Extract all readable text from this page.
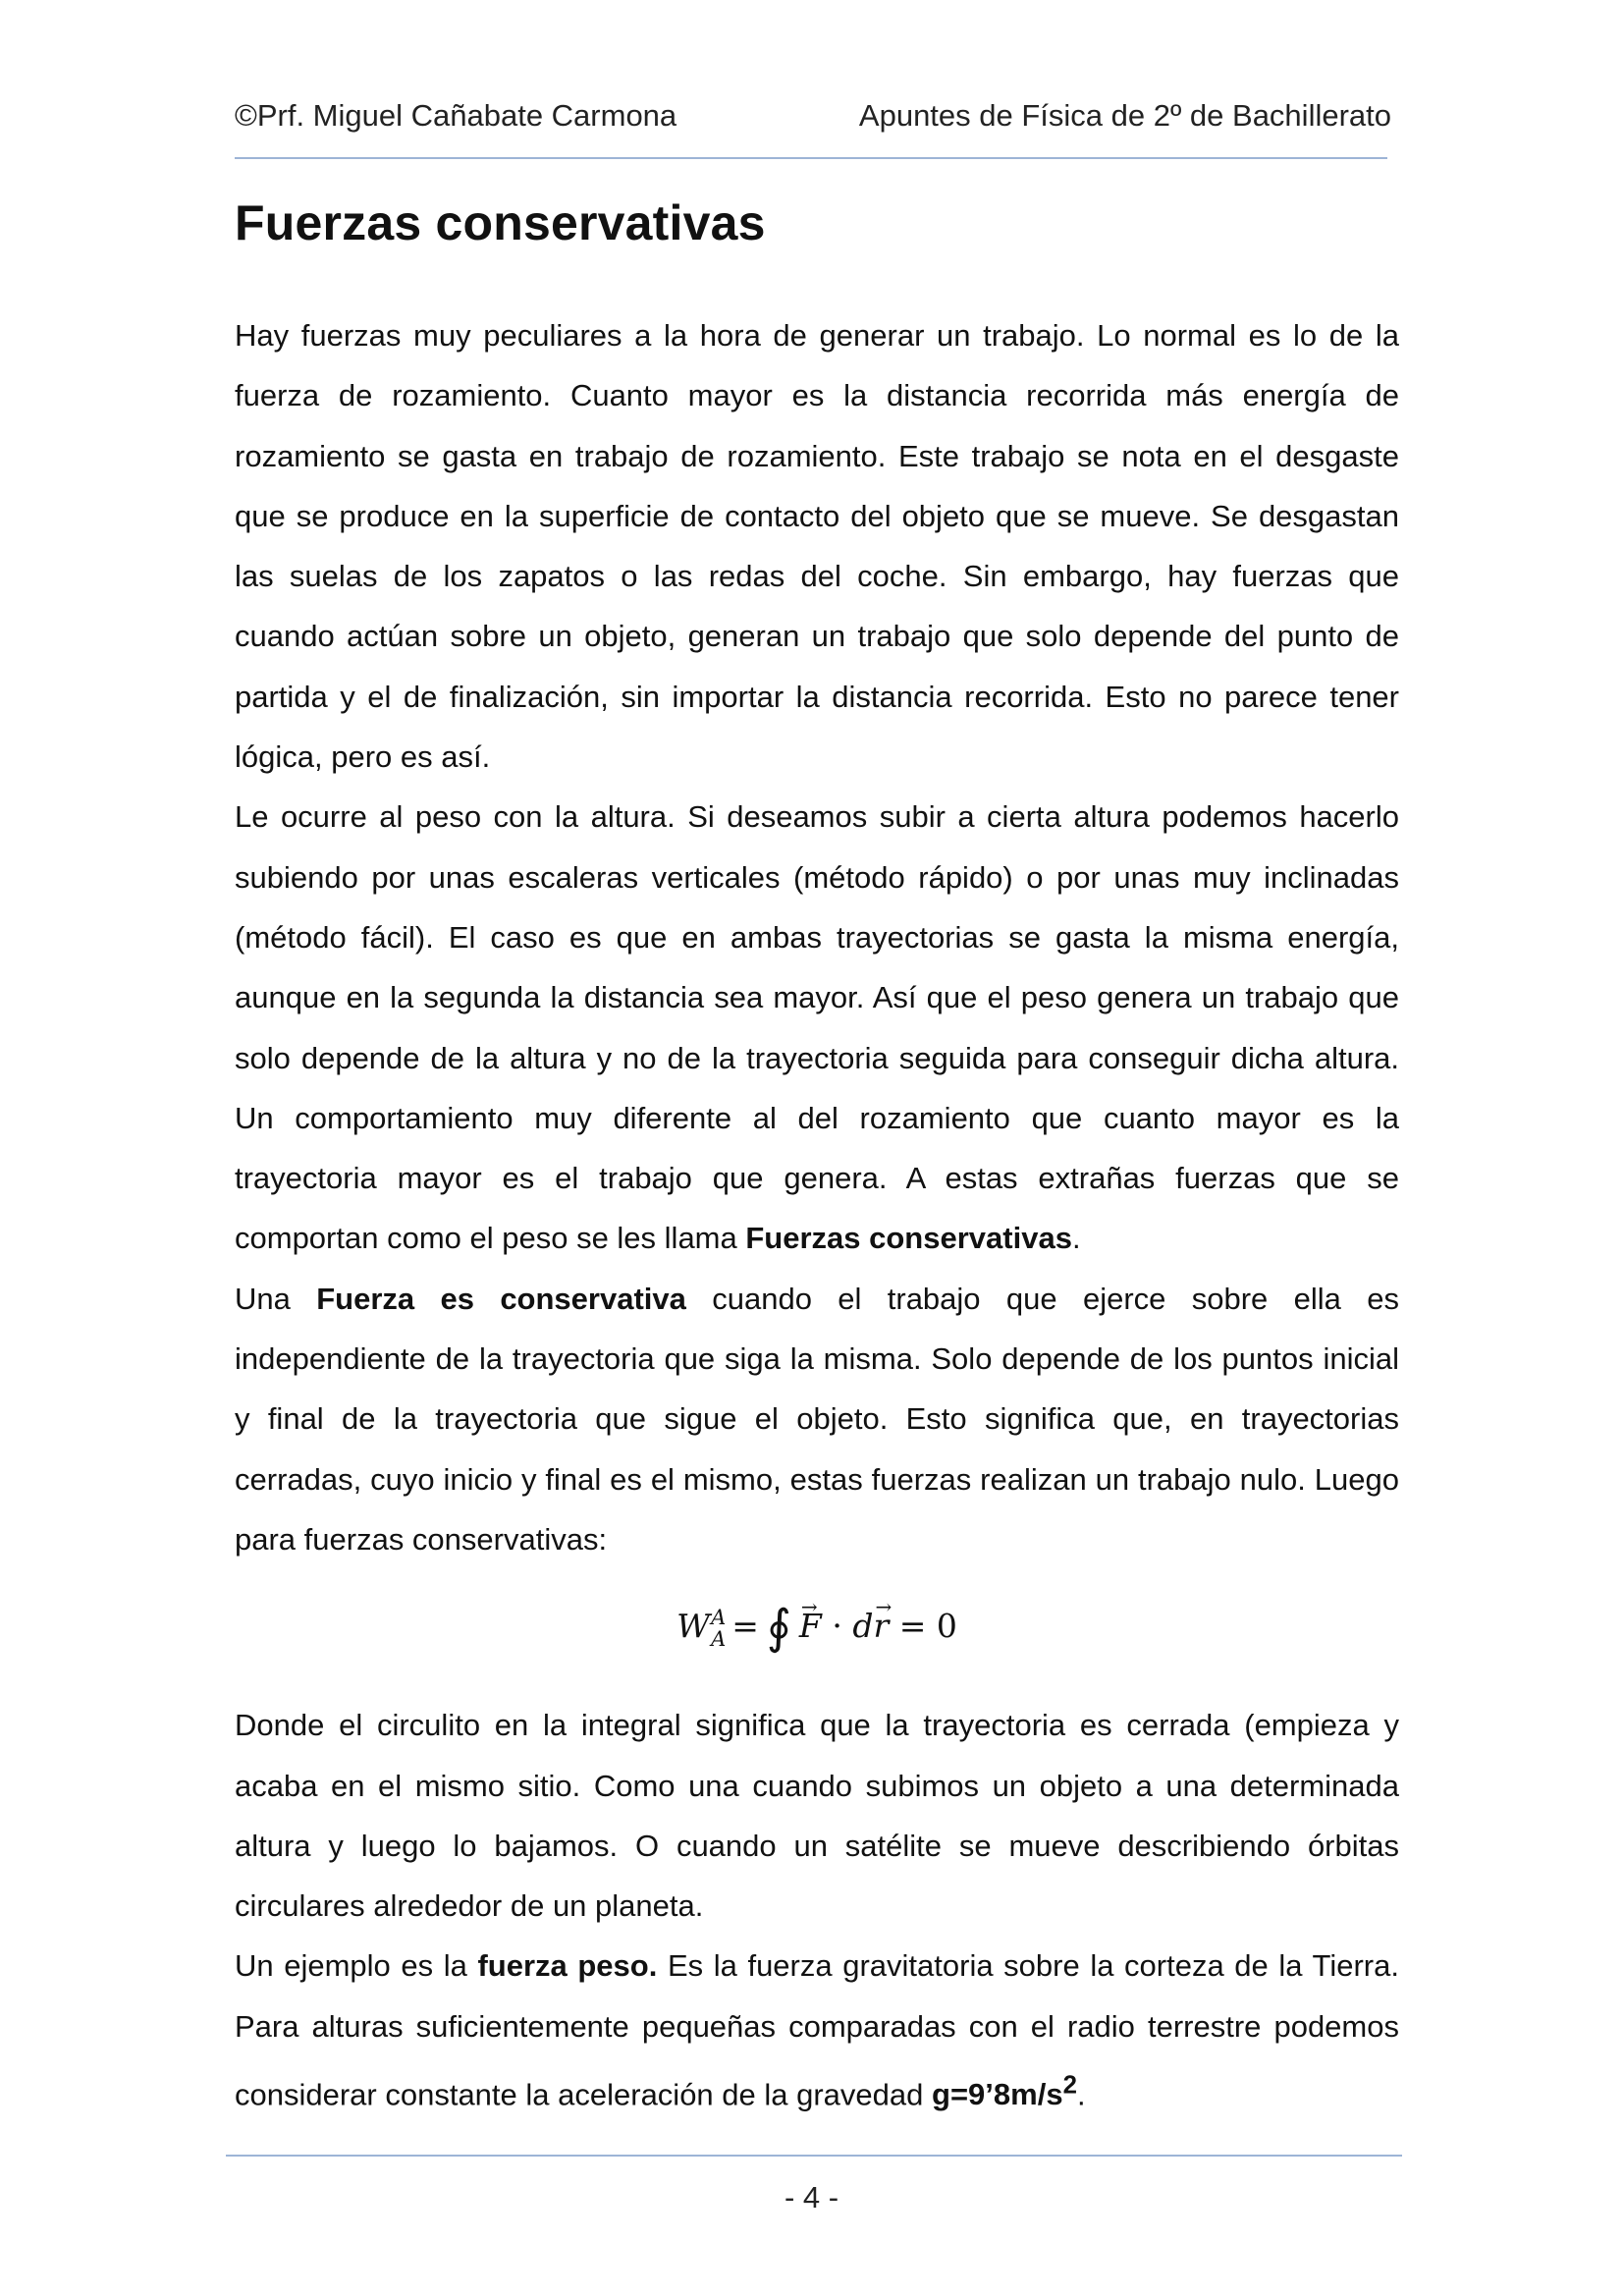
©Prf. Miguel Cañabate Carmona	Apuntes de Física de 2º de Bachillerato
Fuerzas conservativas

Hay fuerzas muy peculiares a la hora de generar un trabajo. Lo normal es lo de la fuerza de rozamiento. Cuanto mayor es la distancia recorrida más energía de rozamiento se gasta en trabajo de rozamiento. Este trabajo se nota en el desgaste que se produce en la superficie de contacto del objeto que se mueve. Se desgastan las suelas de los zapatos o las redas del coche. Sin embargo, hay fuerzas que cuando actúan sobre un objeto, generan un trabajo que solo depende del punto de partida y el de finalización, sin importar la distancia recorrida. Esto no parece tener lógica, pero es así.

Le ocurre al peso con la altura. Si deseamos subir a cierta altura podemos hacerlo subiendo por unas escaleras verticales (método rápido) o por unas muy inclinadas (método fácil). El caso es que en ambas trayectorias se gasta la misma energía, aunque en la segunda la distancia sea mayor. Así que el peso genera un trabajo que solo depende de la altura y no de la trayectoria seguida para conseguir dicha altura. Un comportamiento muy diferente al del rozamiento que cuanto mayor es la trayectoria mayor es el trabajo que genera. A estas extrañas fuerzas que se comportan como el peso se les llama Fuerzas conservativas.

Una Fuerza es conservativa cuando el trabajo que ejerce sobre ella es independiente de la trayectoria que siga la misma. Solo depende de los puntos inicial y final de la trayectoria que sigue el objeto. Esto significa que, en trayectorias cerradas, cuyo inicio y final es el mismo, estas fuerzas realizan un trabajo nulo. Luego para fuerzas conservativas:

W A
A = ∮→ F · d→ r = 0

Donde el circulito en la integral significa que la trayectoria es cerrada (empieza y acaba en el mismo sitio. Como una cuando subimos un objeto a una determinada altura y luego lo bajamos. O cuando un satélite se mueve describiendo órbitas circulares alrededor de un planeta.

Un ejemplo es la fuerza peso. Es la fuerza gravitatoria sobre la corteza de la Tierra. Para alturas suficientemente pequeñas comparadas con el radio terrestre podemos considerar constante la aceleración de la gravedad $g=9’8m/s^2$.

- 4 -
